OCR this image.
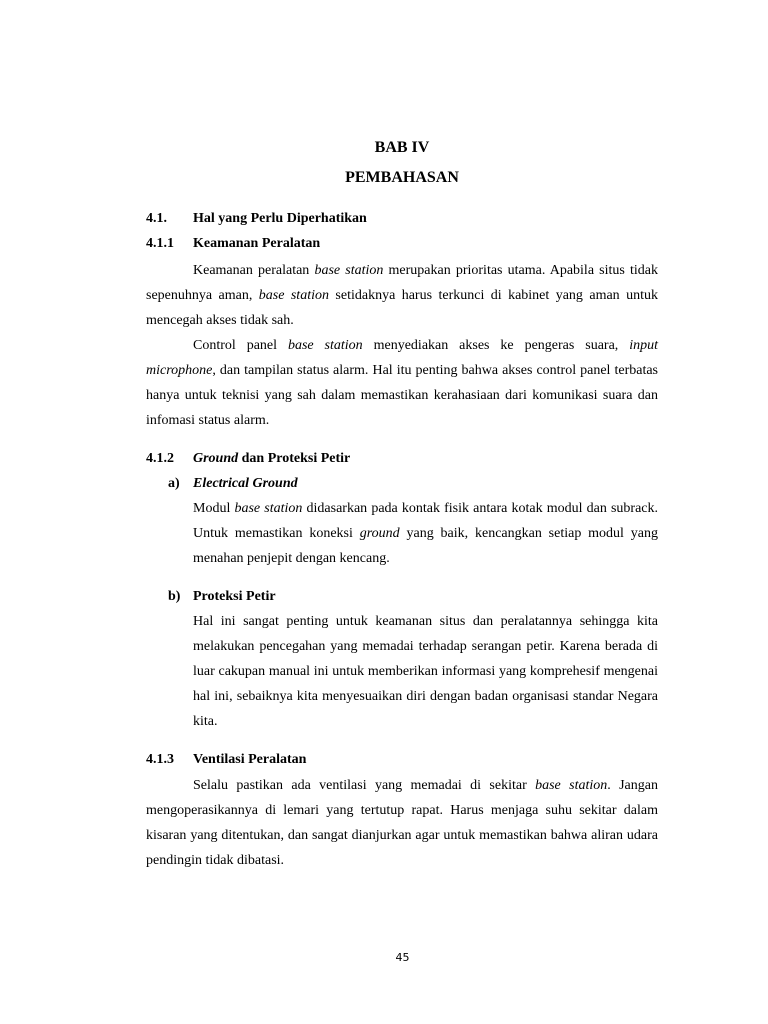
BAB IV
PEMBAHASAN
4.1. Hal yang Perlu Diperhatikan
4.1.1 Keamanan Peralatan

Keamanan peralatan base station merupakan prioritas utama. Apabila situs tidak sepenuhnya aman, base station setidaknya harus terkunci di kabinet yang aman untuk mencegah akses tidak sah.

Control panel base station menyediakan akses ke pengeras suara, input microphone, dan tampilan status alarm. Hal itu penting bahwa akses control panel terbatas hanya untuk teknisi yang sah dalam memastikan kerahasiaan dari komunikasi suara dan infomasi status alarm.

4.1.2 Ground dan Proteksi Petir
a) Electrical Ground

Modul base station didasarkan pada kontak fisik antara kotak modul dan subrack. Untuk memastikan koneksi ground yang baik, kencangkan setiap modul yang menahan penjepit dengan kencang.

b) Proteksi Petir

Hal ini sangat penting untuk keamanan situs dan peralatannya sehingga kita melakukan pencegahan yang memadai terhadap serangan petir. Karena berada di luar cakupan manual ini untuk memberikan informasi yang komprehesif mengenai hal ini, sebaiknya kita menyesuaikan diri dengan badan organisasi standar Negara kita.

4.1.3 Ventilasi Peralatan

Selalu pastikan ada ventilasi yang memadai di sekitar base station. Jangan mengoperasikannya di lemari yang tertutup rapat. Harus menjaga suhu sekitar dalam kisaran yang ditentukan, dan sangat dianjurkan agar untuk memastikan bahwa aliran udara pendingin tidak dibatasi.

45
